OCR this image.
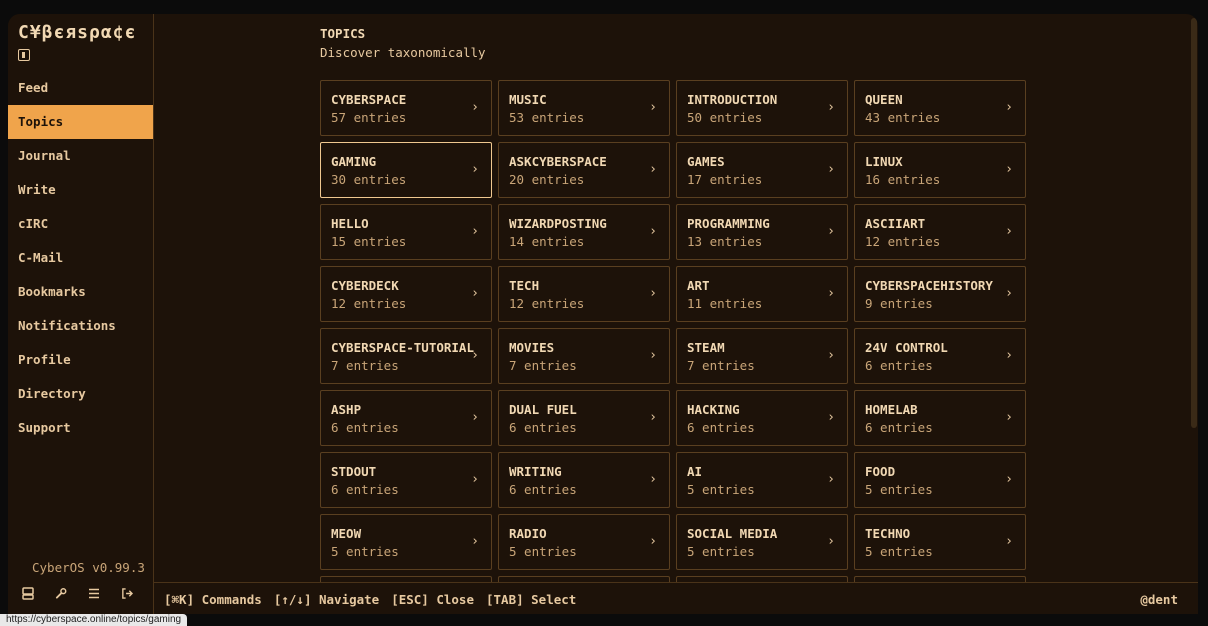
C¥βєяsρα¢є
Feed
Topics
Journal
Write
cIRC
C-Mail
Bookmarks
Notifications
Profile
Directory
Support
CyberOS v0.99.3
TOPICS
Discover taxonomically
CYBERSPACE
57 entries
›
MUSIC
53 entries
›
INTRODUCTION
50 entries
›
QUEEN
43 entries
›
GAMING
30 entries
›
ASKCYBERSPACE
20 entries
›
GAMES
17 entries
›
LINUX
16 entries
›
HELLO
15 entries
›
WIZARDPOSTING
14 entries
›
PROGRAMMING
13 entries
›
ASCIIART
12 entries
›
CYBERDECK
12 entries
›
TECH
12 entries
›
ART
11 entries
›
CYBERSPACEHISTORY
9 entries
›
CYBERSPACE-TUTORIAL
7 entries
›
MOVIES
7 entries
›
STEAM
7 entries
›
24V CONTROL
6 entries
›
ASHP
6 entries
›
DUAL FUEL
6 entries
›
HACKING
6 entries
›
HOMELAB
6 entries
›
STDOUT
6 entries
›
WRITING
6 entries
›
AI
5 entries
›
FOOD
5 entries
›
MEOW
5 entries
›
RADIO
5 entries
›
SOCIAL MEDIA
5 entries
›
TECHNO
5 entries
›
[⌘K] Commands [↑/↓] Navigate [ESC] Close [TAB] Select	@dent
https://cyberspace.online/topics/gaming
